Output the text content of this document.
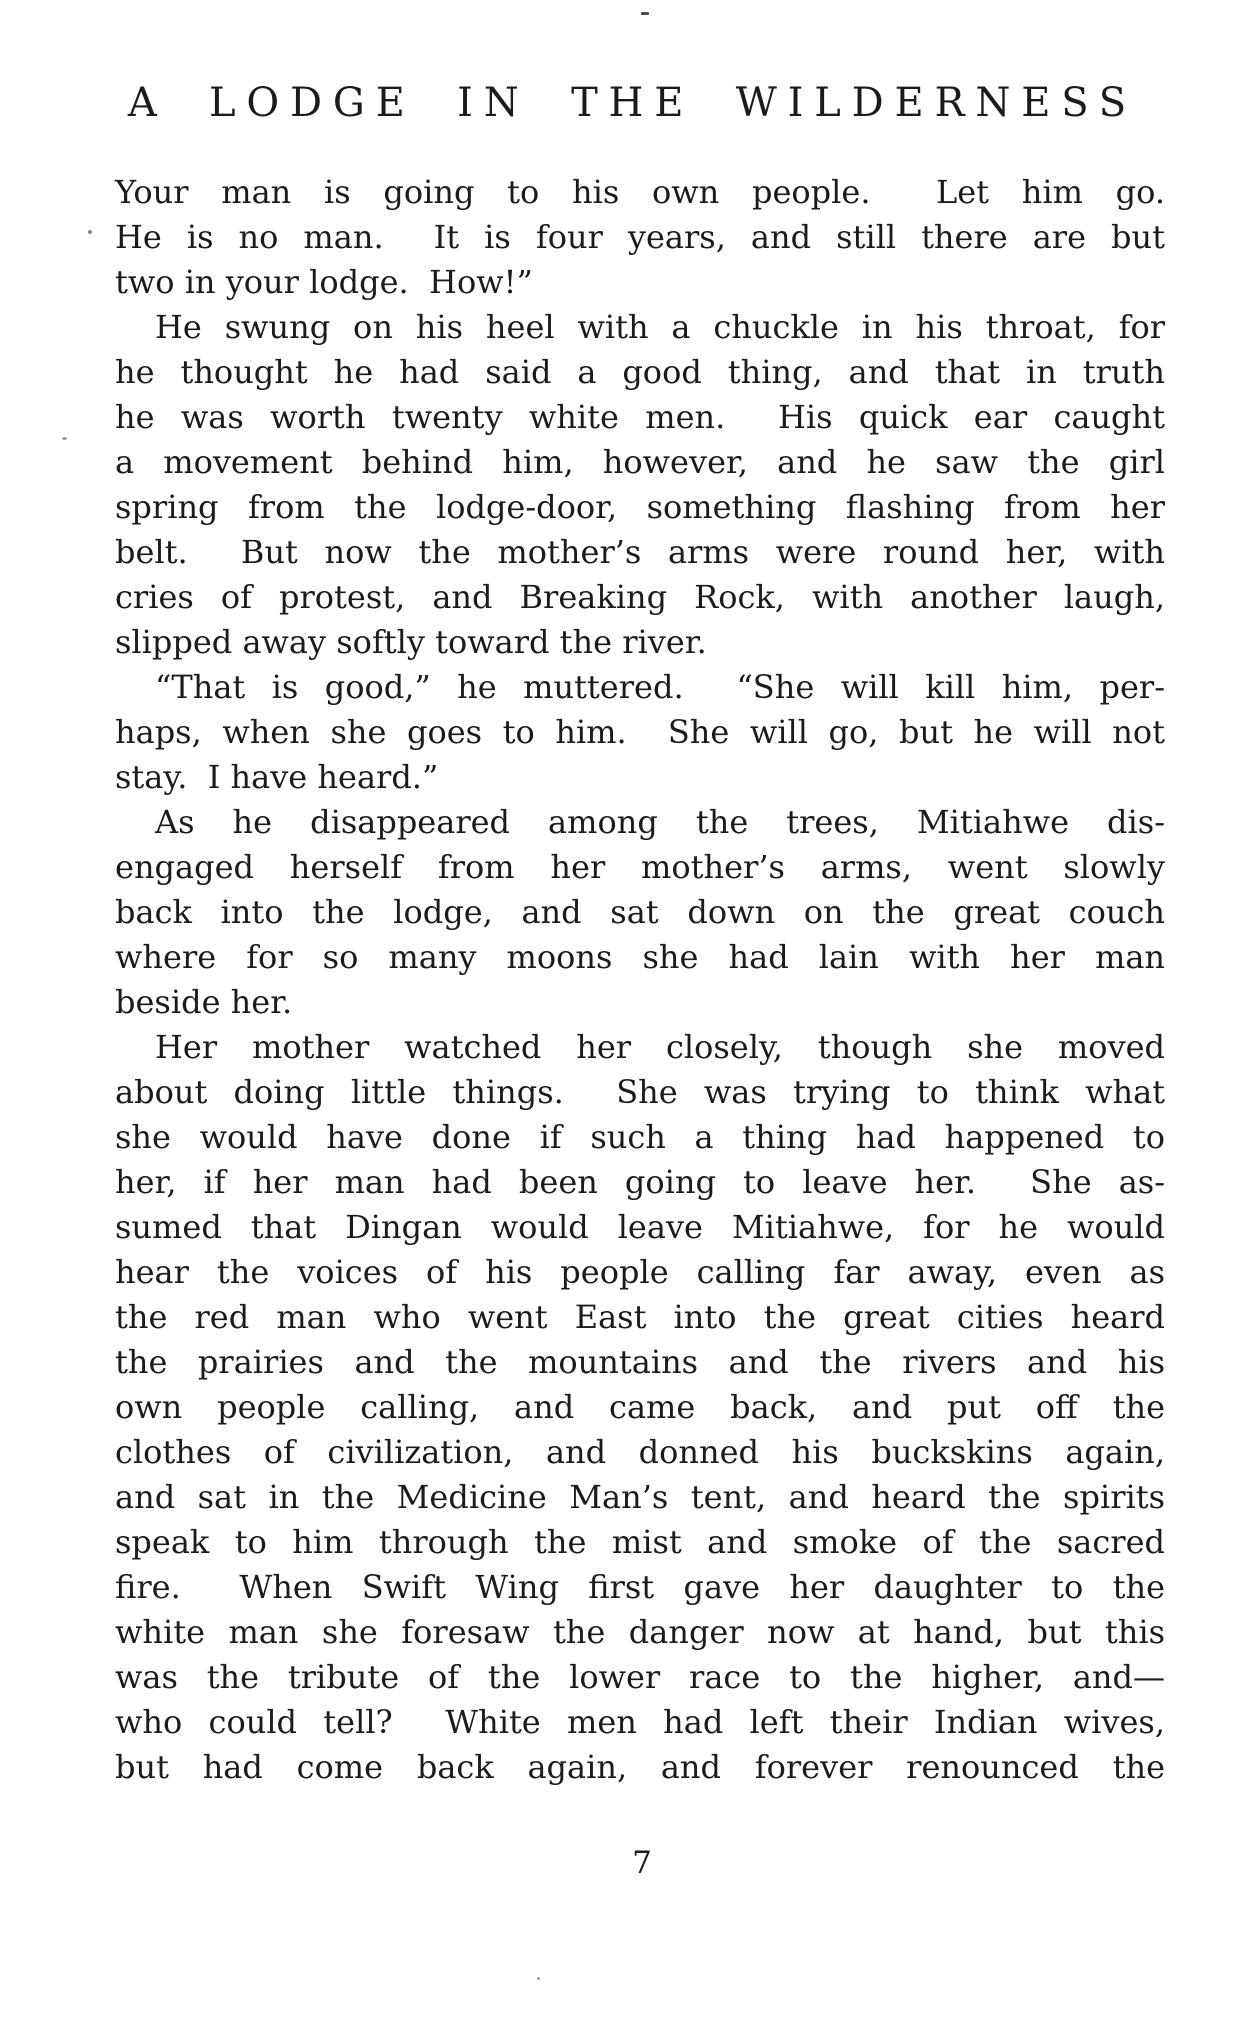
A LODGE IN THE WILDERNESS
Your man is going to his own people.  Let him go.
He is no man.  It is four years, and still there are but
two in your lodge.  How!”
He swung on his heel with a chuckle in his throat, for
he thought he had said a good thing, and that in truth
he was worth twenty white men.  His quick ear caught
a movement behind him, however, and he saw the girl
spring from the lodge-door, something flashing from her
belt.  But now the mother’s arms were round her, with
cries of protest, and Breaking Rock, with another laugh,
slipped away softly toward the river.
“That is good,” he muttered.  “She will kill him, per-
haps, when she goes to him.  She will go, but he will not
stay.  I have heard.”
As he disappeared among the trees, Mitiahwe dis-
engaged herself from her mother’s arms, went slowly
back into the lodge, and sat down on the great couch
where for so many moons she had lain with her man
beside her.
Her mother watched her closely, though she moved
about doing little things.  She was trying to think what
she would have done if such a thing had happened to
her, if her man had been going to leave her.  She as-
sumed that Dingan would leave Mitiahwe, for he would
hear the voices of his people calling far away, even as
the red man who went East into the great cities heard
the prairies and the mountains and the rivers and his
own people calling, and came back, and put off the
clothes of civilization, and donned his buckskins again,
and sat in the Medicine Man’s tent, and heard the spirits
speak to him through the mist and smoke of the sacred
fire.  When Swift Wing first gave her daughter to the
white man she foresaw the danger now at hand, but this
was the tribute of the lower race to the higher, and—
who could tell?  White men had left their Indian wives,
but had come back again, and forever renounced the
7
